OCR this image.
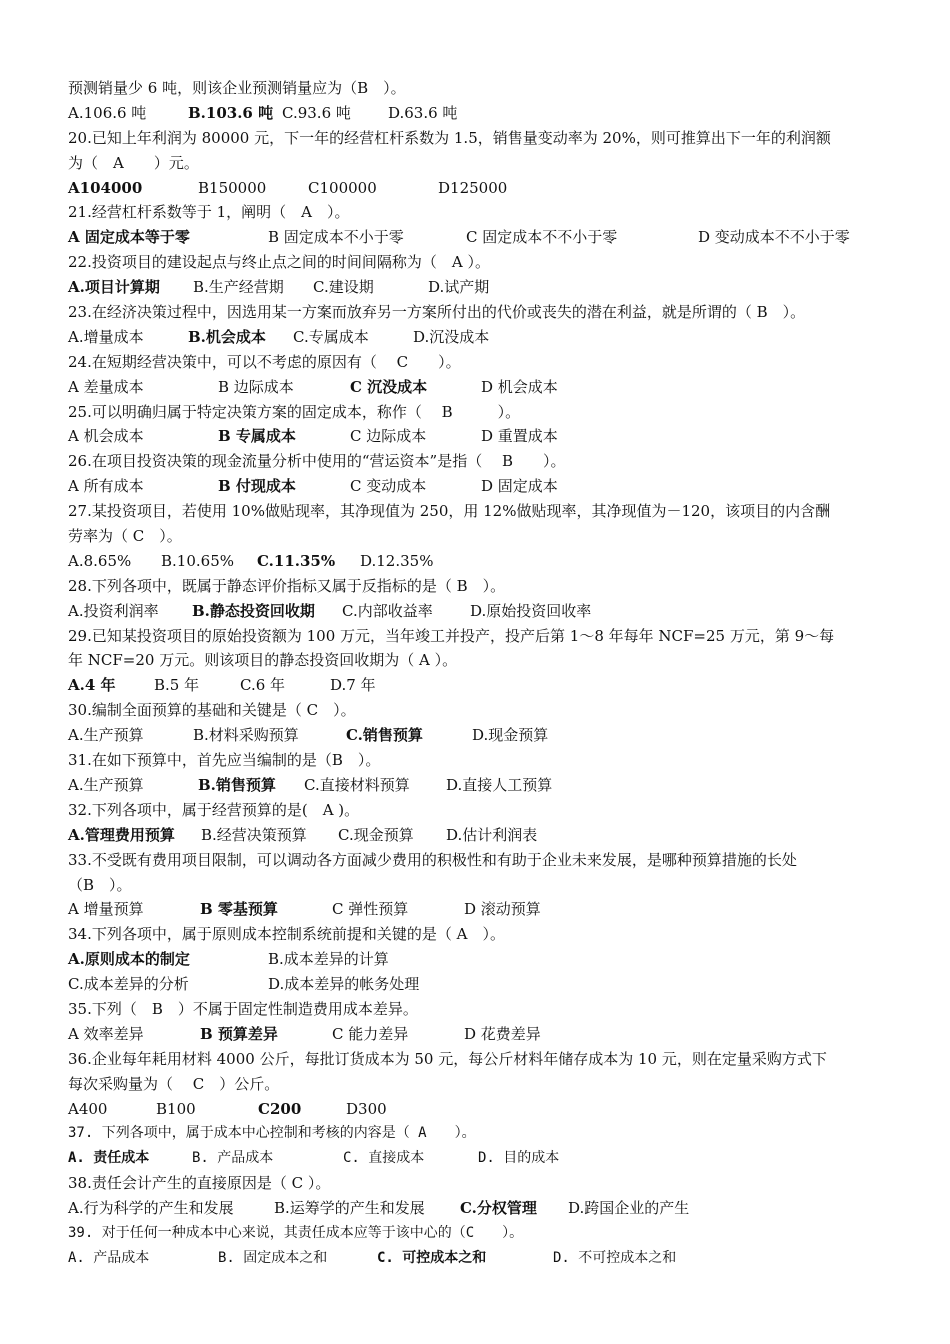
预测销量少 6 吨，则该企业预测销量应为（B　）。
A.106.6 吨	B.103.6 吨 C.93.6 吨 D.63.6 吨
20.已知上年利润为 80000 元，下一年的经营杠杆系数为 1.5，销售量变动率为 20%，则可推算出下一年的利润额
为（　A　　）元。
A104000	B150000	C100000	D125000
21.经营杠杆系数等于 1，阐明（　A　）。
A 固定成本等于零	B 固定成本不小于零	C 固定成本不不小于零	D 变动成本不不小于零
22.投资项目的建设起点与终止点之间的时间间隔称为（　A ）。
A.项目计算期 B.生产经营期 C.建设期	D.试产期
23.在经济决策过程中，因选用某一方案而放弃另一方案所付出的代价或丧失的潜在利益，就是所谓的（ B　）。
A.增量成本	B.机会成本 C.专属成本	D.沉没成本
24.在短期经营决策中，可以不考虑的原因有（　 C　　）。
A 差量成本	B 边际成本	C 沉没成本	D 机会成本
25.可以明确归属于特定决策方案的固定成本，称作（　 B　　　）。
A 机会成本	B 专属成本	C 边际成本	D 重置成本
26.在项目投资决策的现金流量分析中使用的“营运资本”是指（　 B　　）。
A 所有成本	B 付现成本	C 变动成本	D 固定成本
27.某投资项目，若使用 10%做贴现率，其净现值为 250，用 12%做贴现率，其净现值为－120，该项目的内含酬
劳率为（ C　）。
A.8.65% B.10.65% C.11.35% D.12.35%
28.下列各项中，既属于静态评价指标又属于反指标的是（ B　）。
A.投资利润率 B.静态投资回收期 C.内部收益率 D.原始投资回收率
29.已知某投资项目的原始投资额为 100 万元，当年竣工并投产，投产后第 1～8 年每年 NCF=25 万元，第 9～每
年 NCF=20 万元。则该项目的静态投资回收期为（ A ）。
A.4 年	B.5 年	C.6 年	D.7 年
30.编制全面预算的基础和关键是（ C　）。
A.生产预算	B.材料采购预算	C.销售预算	D.现金预算
31.在如下预算中，首先应当编制的是（B　）。
A.生产预算	B.销售预算 C.直接材料预算 D.直接人工预算
32.下列各项中，属于经营预算的是(　A )。
A.管理费用预算 B.经营决策预算 C.现金预算 D.估计利润表
33.不受既有费用项目限制，可以调动各方面减少费用的积极性和有助于企业未来发展，是哪种预算措施的长处
（B　）。
A 增量预算	B 零基预算	C 弹性预算	D 滚动预算
34.下列各项中，属于原则成本控制系统前提和关键的是（ A　）。
A.原则成本的制定	B.成本差异的计算
C.成本差异的分析	D.成本差异的帐务处理
35.下列（　B　）不属于固定性制造费用成本差异。
A 效率差异	B 预算差异	C 能力差异	D 花费差异
36.企业每年耗用材料 4000 公斤，每批订货成本为 50 元，每公斤材料年储存成本为 10 元，则在定量采购方式下
每次采购量为（　 C　）公斤。
A400	B100	C200	D300
37. 下列各项中，属于成本中心控制和考核的内容是（ A　　）。
A. 责任成本	B. 产品成本	C. 直接成本	D. 目的成本
38.责任会计产生的直接原因是（ C ）。
A.行为科学的产生和发展	B.运筹学的产生和发展 C.分权管理 D.跨国企业的产生
39. 对于任何一种成本中心来说，其责任成本应等于该中心的（C　　）。
A. 产品成本	B. 固定成本之和	C. 可控成本之和	D. 不可控成本之和
